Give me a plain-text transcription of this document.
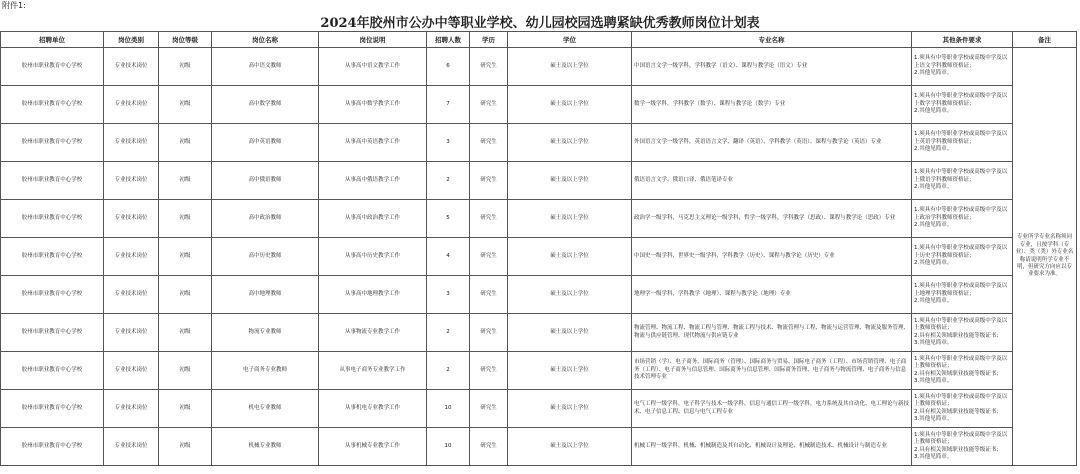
附件1:
2024年胶州市公办中等职业学校、幼儿园校园选聘紧缺优秀教师岗位计划表
招聘单位	岗位类别	岗位等级	岗位名称	岗位说明	招聘人数	学历	学位	专业名称	其他条件要求	备注
胶州市职业教育中心学校	专业技术岗位	初级	高中语文教师	从事高中语文教学工作	6	研究生	硕士及以上学位	中国语言文学一级学科，学科教学（语文）、课程与教学论（语文）专业	1.须具有中等职业学校或高级中学及以上语文学科教师资格证；
2.其他见简章。	专业所学专业名称须同专业，且按学科（专业）、类（类）外专业名称请说明所学专业不明，但研究方向应以专业要求为准。
胶州市职业教育中心学校	专业技术岗位	初级	高中数学教师	从事高中数学教学工作	7	研究生	硕士及以上学位	数学一级学科，学科教学（数学）、课程与教学论（数学）专业	1.须具有中等职业学校或高级中学及以上数学学科教师资格证；
2.其他见简章。	
胶州市职业教育中心学校	专业技术岗位	初级	高中英语教师	从事高中英语教学工作	3	研究生	硕士及以上学位	外国语言文学一级学科，英语语言文学、翻译（英语）、学科教学（英语）、课程与教学论（英语）专业	1.须具有中等职业学校或高级中学及以上英语学科教师资格证；
2.其他见简章。	
胶州市职业教育中心学校	专业技术岗位	初级	高中俄语教师	从事高中俄语教学工作	2	研究生	硕士及以上学位	俄语语言文学、俄语口译、俄语笔译专业	1.须具有中等职业学校或高级中学及以上俄语学科教师资格证；
2.其他见简章。	
胶州市职业教育中心学校	专业技术岗位	初级	高中政治教师	从事高中政治教学工作	5	研究生	硕士及以上学位	政治学一级学科，马克思主义理论一级学科，哲学一级学科，学科教学（思政）、课程与教学论（思政）专业	1.须具有中等职业学校或高级中学及以上政治学科教师资格证；
2.其他见简章。	
胶州市职业教育中心学校	专业技术岗位	初级	高中历史教师	从事高中历史教学工作	4	研究生	硕士及以上学位	中国史一级学科，世界史一级学科，学科教学（历史）、课程与教学论（历史）专业	1.须具有中等职业学校或高级中学及以上历史学科教师资格证；
2.其他见简章。	
胶州市职业教育中心学校	专业技术岗位	初级	高中地理教师	从事高中地理教学工作	3	研究生	硕士及以上学位	地理学一级学科，学科教学（地理）、课程与教学论（地理）专业	1.须具有中等职业学校或高级中学及以上地理学科教师资格证；
2.其他见简章。	
胶州市职业教育中心学校	专业技术岗位	初级	物流专业教师	从事物流专业教学工作	2	研究生	硕士及以上学位	物流管理、物流工程、物流工程与管理、物流工程与技术、物流管理与工程、物流与运营管理、物流及服务管理、物流与供应链管理、现代物流与供应链专业	1.须具有中等职业学校或高级中学及以上教师资格证；
2.具有相关领域职业技能等级证书；
3.其他见简章。	
胶州市职业教育中心学校	专业技术岗位	初级	电子商务专业教师	从事电子商务专业教学工作	2	研究生	硕士及以上学位	市场营销（学）、电子商务、国际商务（管理）、国际商务与贸易、国际电子商务（工程）、市场营销管理、电子商务（工程）、电子商务与信息管理、国际商务与信息管理、国际商务管理、电子商务与物流管理、电子商务与信息技术管理专业	1.须具有中等职业学校或高级中学及以上教师资格证；
2.具有相关领域职业技能等级证书；
3.其他见简章。	
胶州市职业教育中心学校	专业技术岗位	初级	机电专业教师	从事机电专业教学工作	10	研究生	硕士及以上学位	电气工程一级学科，电子科学与技术一级学科，信息与通信工程一级学科，电力系统及其自动化、电工理论与新技术、电子信息工程、信息与电气工程专业	1.须具有中等职业学校或高级中学及以上教师资格证；
2.具有相关领域职业技能等级证书；
3.其他见简章。	
胶州市职业教育中心学校	专业技术岗位	初级	机械专业教师	从事机械专业教学工作	10	研究生	硕士及以上学位	机械工程一级学科，机械、机械制造及其自动化、机械设计及理论、机械制造技术、机械设计与制造专业	1.须具有中等职业学校或高级中学及以上教师资格证；
2.具有相关领域职业技能等级证书；
3.其他见简章。	
